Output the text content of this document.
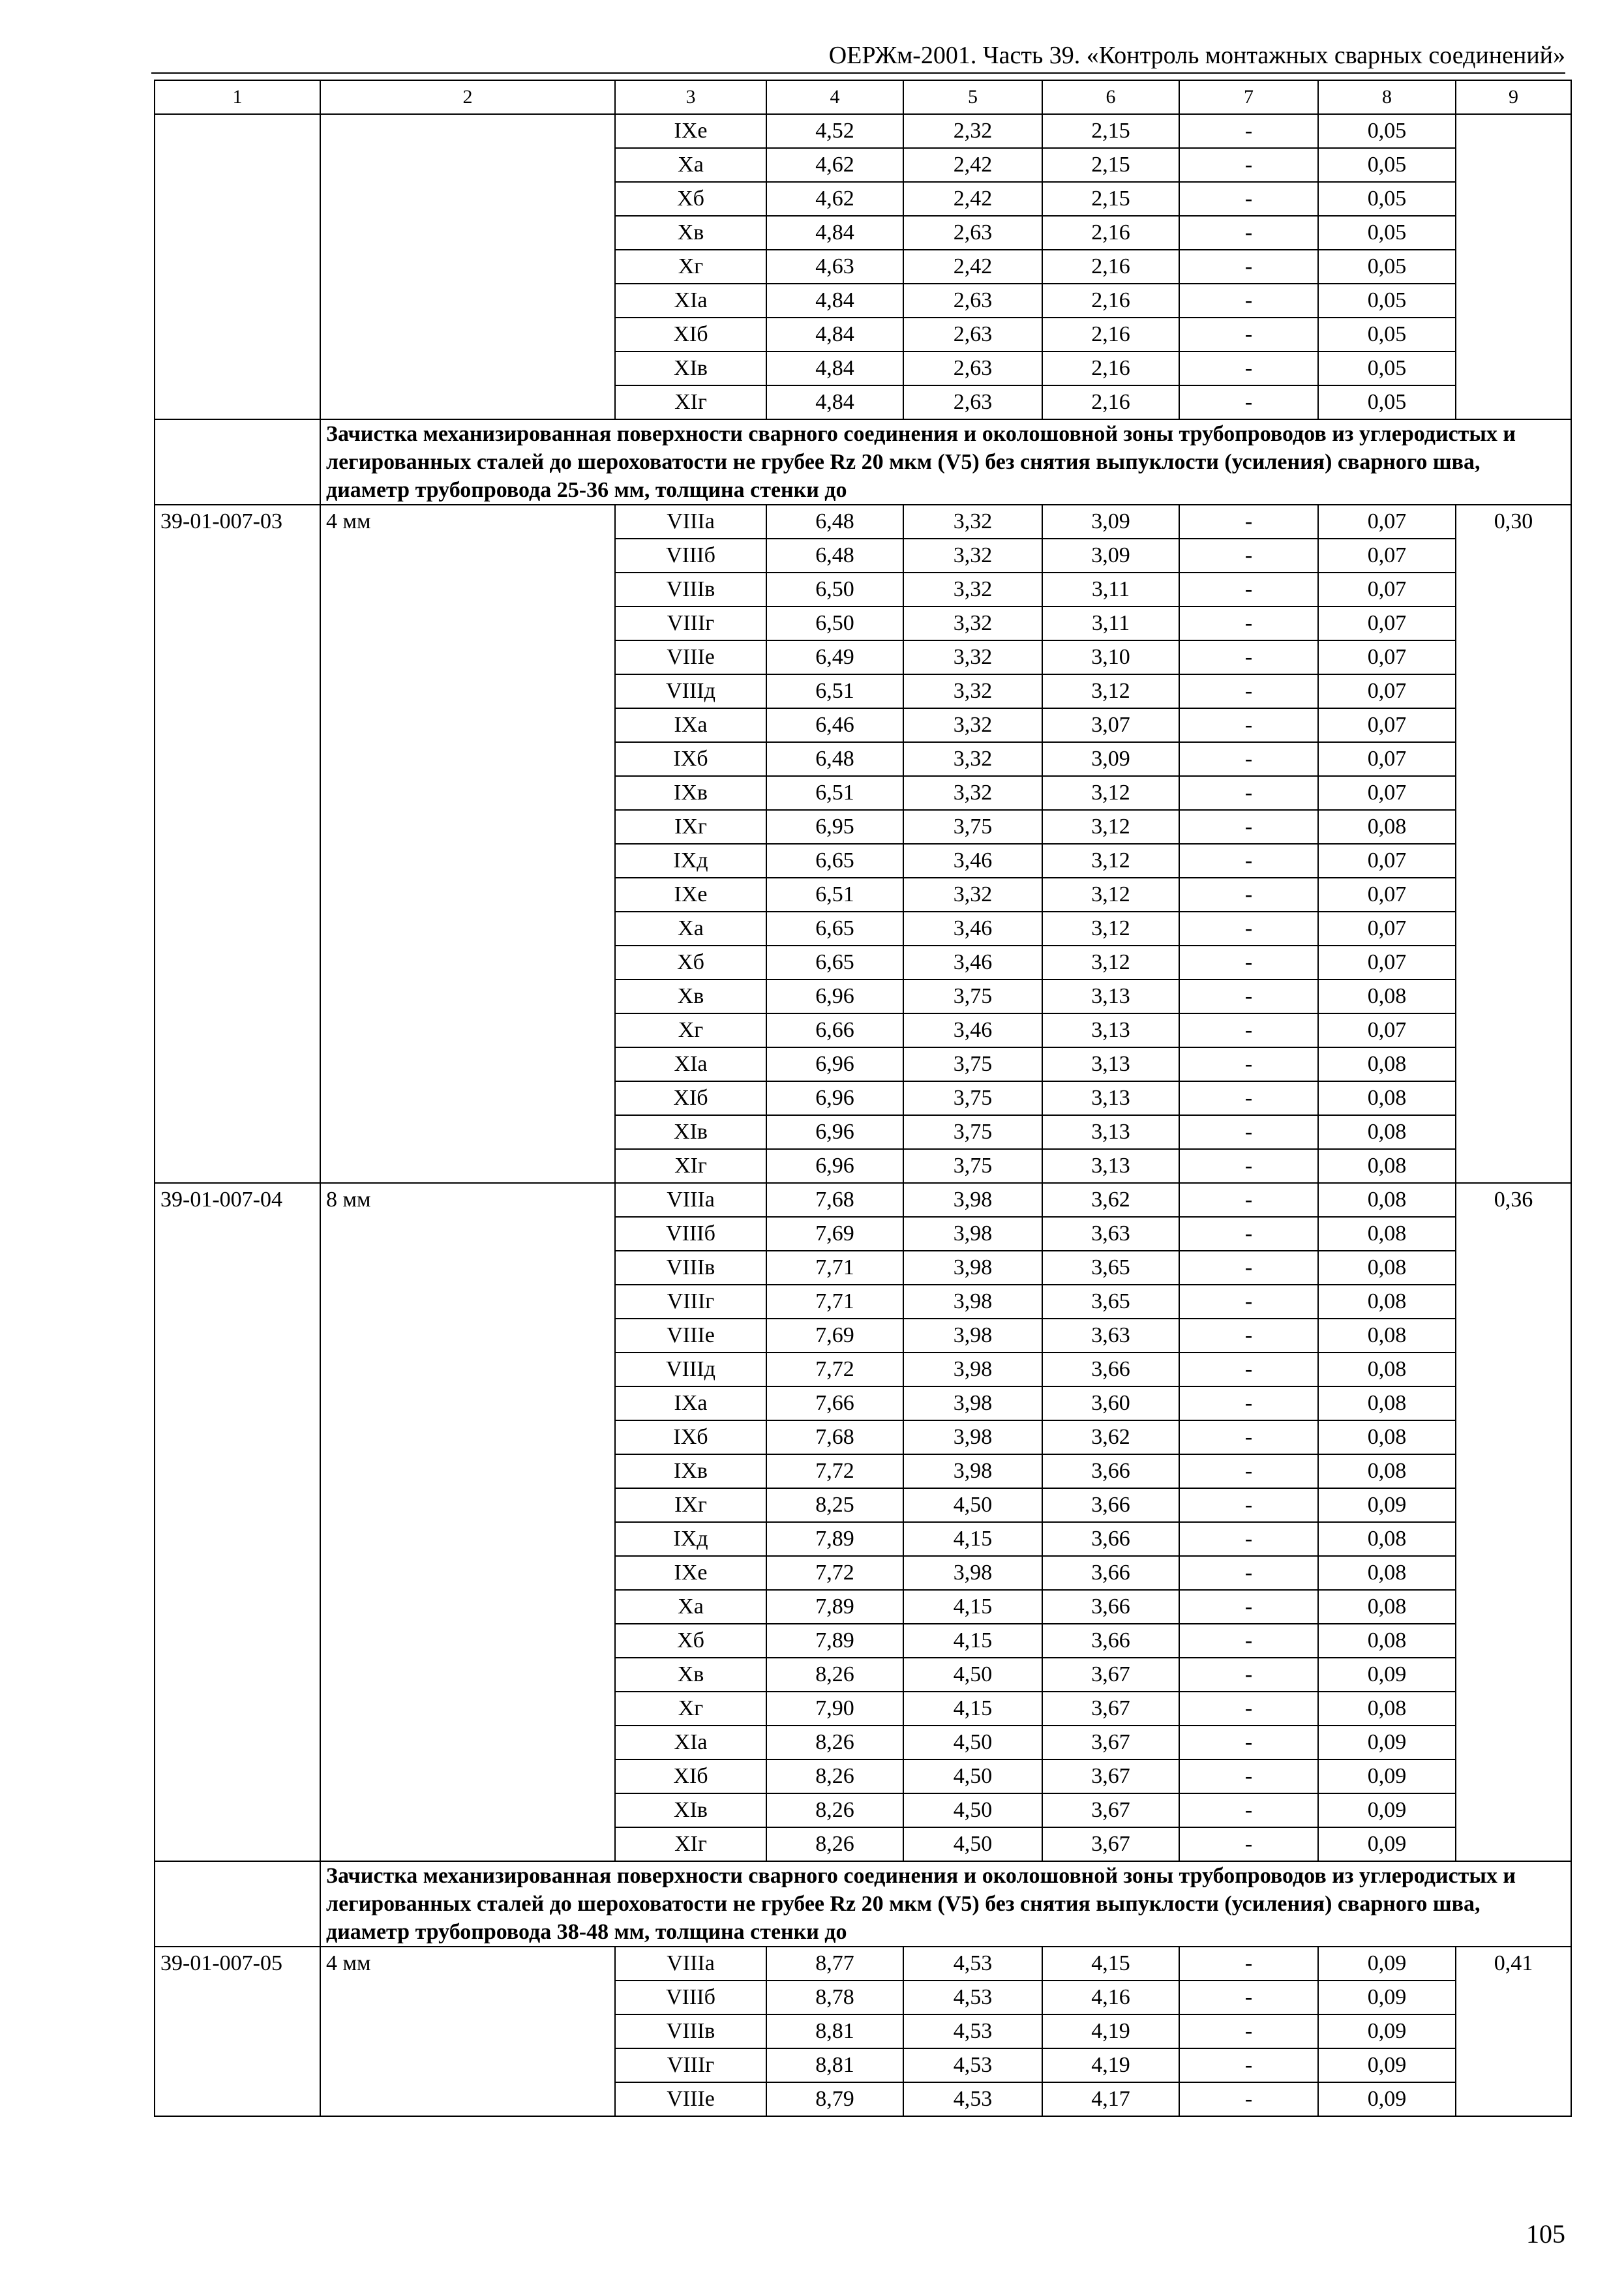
ОЕРЖм-2001. Часть 39. «Контроль монтажных сварных соединений»
1	2	3	4	5	6	7	8	9
		IXе	4,52	2,32	2,15	-	0,05	
		Xа	4,62	2,42	2,15	-	0,05	
		Xб	4,62	2,42	2,15	-	0,05	
		Xв	4,84	2,63	2,16	-	0,05	
		Xг	4,63	2,42	2,16	-	0,05	
		XIа	4,84	2,63	2,16	-	0,05	
		XIб	4,84	2,63	2,16	-	0,05	
		XIв	4,84	2,63	2,16	-	0,05	
		XIг	4,84	2,63	2,16	-	0,05	
	Зачистка механизированная поверхности сварного соединения и околошовной зоны трубопроводов из углеродистых и легированных сталей до шероховатости не грубее Rz 20 мкм (V5) без снятия выпуклости (усиления) сварного шва, диаметр трубопровода 25-36 мм, толщина стенки до							
39-01-007-03	4 мм	VIIIа	6,48	3,32	3,09	-	0,07	0,30
		VIIIб	6,48	3,32	3,09	-	0,07	
		VIIIв	6,50	3,32	3,11	-	0,07	
		VIIIг	6,50	3,32	3,11	-	0,07	
		VIIIе	6,49	3,32	3,10	-	0,07	
		VIIIд	6,51	3,32	3,12	-	0,07	
		IXа	6,46	3,32	3,07	-	0,07	
		IXб	6,48	3,32	3,09	-	0,07	
		IXв	6,51	3,32	3,12	-	0,07	
		IXг	6,95	3,75	3,12	-	0,08	
		IXд	6,65	3,46	3,12	-	0,07	
		IXе	6,51	3,32	3,12	-	0,07	
		Xа	6,65	3,46	3,12	-	0,07	
		Xб	6,65	3,46	3,12	-	0,07	
		Xв	6,96	3,75	3,13	-	0,08	
		Xг	6,66	3,46	3,13	-	0,07	
		XIа	6,96	3,75	3,13	-	0,08	
		XIб	6,96	3,75	3,13	-	0,08	
		XIв	6,96	3,75	3,13	-	0,08	
		XIг	6,96	3,75	3,13	-	0,08	
39-01-007-04	8 мм	VIIIа	7,68	3,98	3,62	-	0,08	0,36
		VIIIб	7,69	3,98	3,63	-	0,08	
		VIIIв	7,71	3,98	3,65	-	0,08	
		VIIIг	7,71	3,98	3,65	-	0,08	
		VIIIе	7,69	3,98	3,63	-	0,08	
		VIIIд	7,72	3,98	3,66	-	0,08	
		IXа	7,66	3,98	3,60	-	0,08	
		IXб	7,68	3,98	3,62	-	0,08	
		IXв	7,72	3,98	3,66	-	0,08	
		IXг	8,25	4,50	3,66	-	0,09	
		IXд	7,89	4,15	3,66	-	0,08	
		IXе	7,72	3,98	3,66	-	0,08	
		Xа	7,89	4,15	3,66	-	0,08	
		Xб	7,89	4,15	3,66	-	0,08	
		Xв	8,26	4,50	3,67	-	0,09	
		Xг	7,90	4,15	3,67	-	0,08	
		XIа	8,26	4,50	3,67	-	0,09	
		XIб	8,26	4,50	3,67	-	0,09	
		XIв	8,26	4,50	3,67	-	0,09	
		XIг	8,26	4,50	3,67	-	0,09	
	Зачистка механизированная поверхности сварного соединения и околошовной зоны трубопроводов из углеродистых и легированных сталей до шероховатости не грубее Rz 20 мкм (V5) без снятия выпуклости (усиления) сварного шва, диаметр трубопровода 38-48 мм, толщина стенки до							
39-01-007-05	4 мм	VIIIа	8,77	4,53	4,15	-	0,09	0,41
		VIIIб	8,78	4,53	4,16	-	0,09	
		VIIIв	8,81	4,53	4,19	-	0,09	
		VIIIг	8,81	4,53	4,19	-	0,09	
		VIIIе	8,79	4,53	4,17	-	0,09	
105
